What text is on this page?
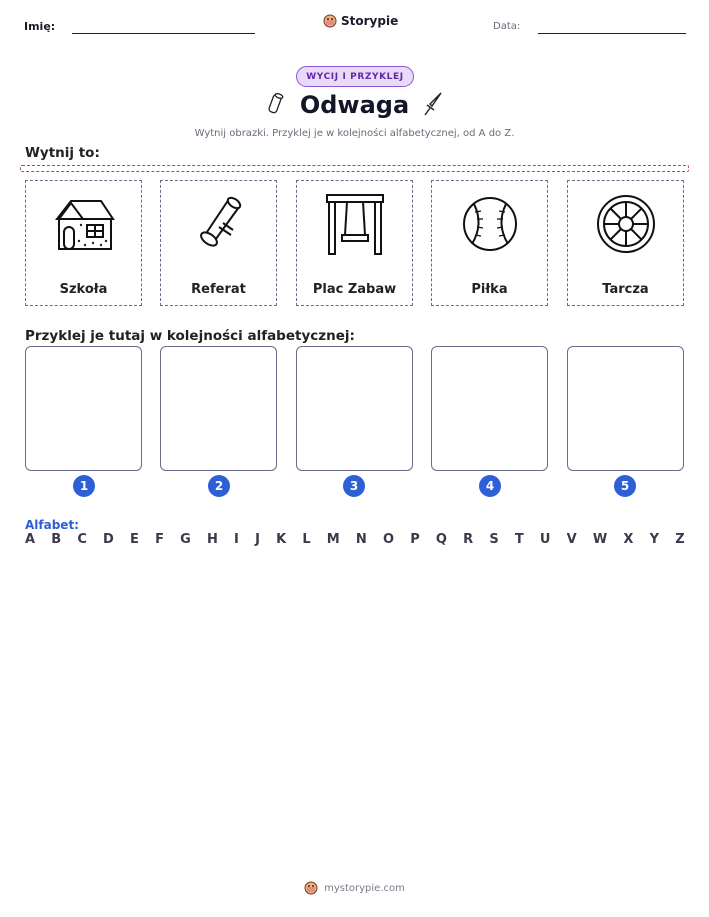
Imię:	Storypie	Data:
WYCIJ I PRZYKLEJ
Odwaga
Wytnij obrazki. Przyklej je w kolejności alfabetycznej, od A do Z.
Wytnij to:
Szkoła	Referat	Plac Zabaw	Piłka	Tarcza
Przyklej je tutaj w kolejności alfabetycznej:
1	2	3	4	5
Alfabet:
A B C D E F G H I J K L M N O P Q R S T U V W X Y Z
mystorypie.com
